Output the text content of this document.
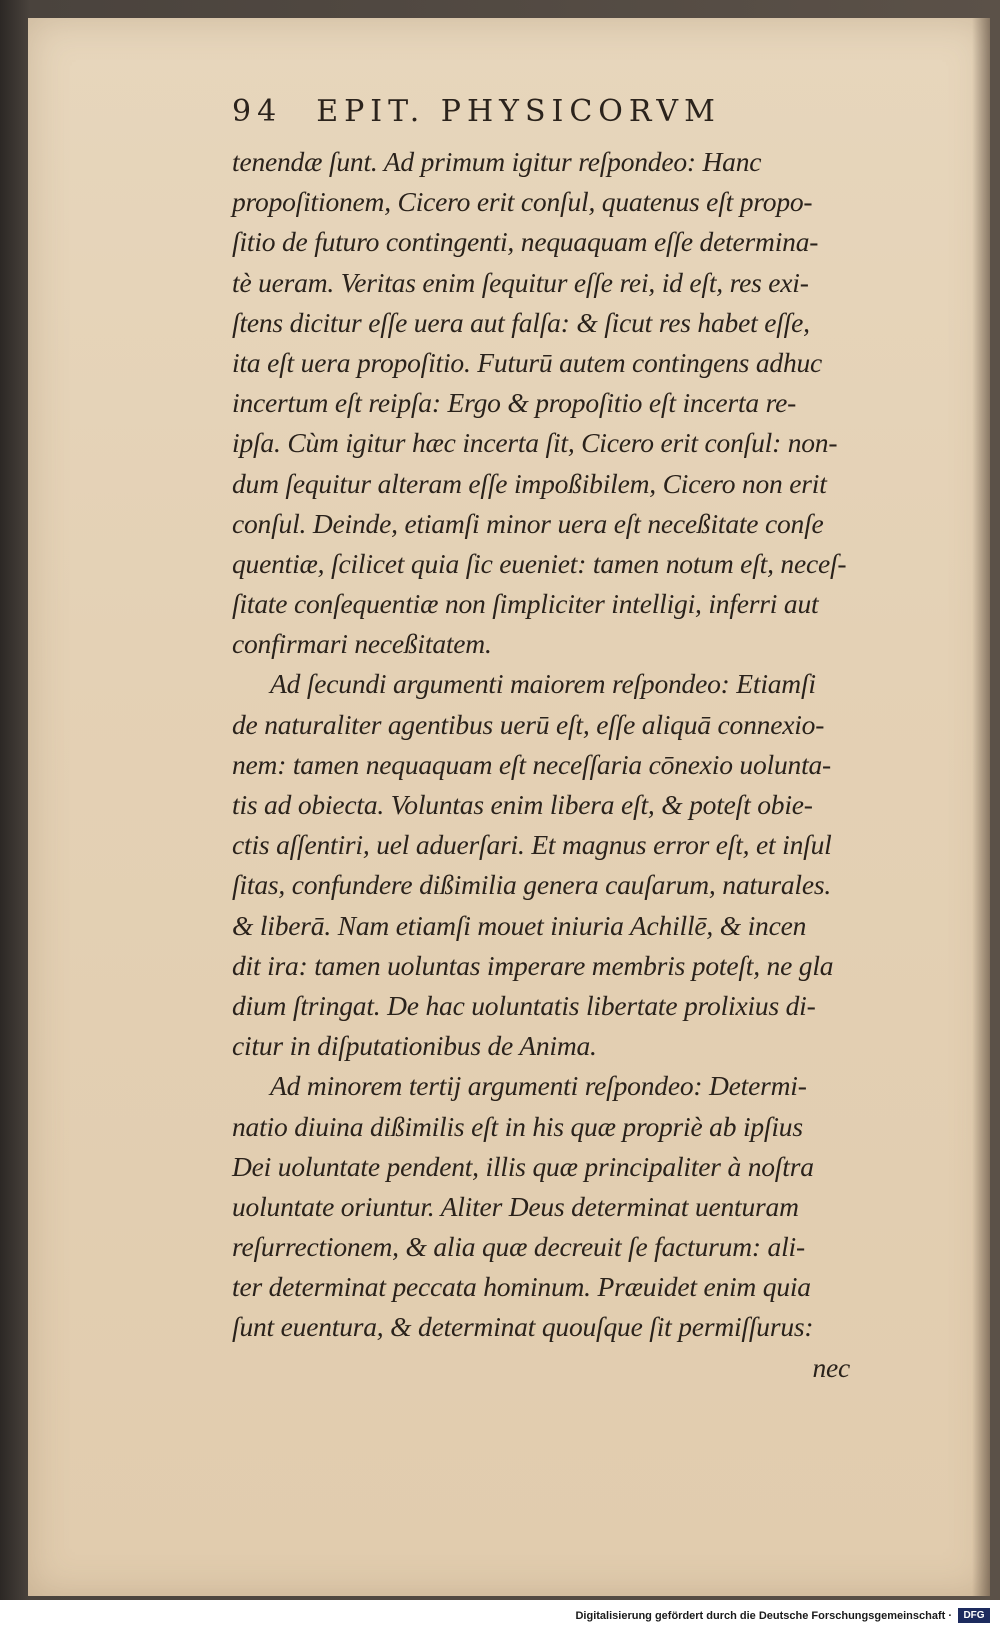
94 EPIT. PHYSICORVM
tenendæ ſunt. Ad primum igitur reſpondeo: Hanc
propoſitionem, Cicero erit conſul, quatenus eſt propo-
ſitio de futuro contingenti, nequaquam eſſe determina-
tè ueram. Veritas enim ſequitur eſſe rei, id eſt, res exi-
ſtens dicitur eſſe uera aut falſa: & ſicut res habet eſſe,
ita eſt uera propoſitio. Futurū autem contingens adhuc
incertum eſt reipſa: Ergo & propoſitio eſt incerta re-
ipſa. Cùm igitur hæc incerta ſit, Cicero erit conſul: non-
dum ſequitur alteram eſſe impoßibilem, Cicero non erit
conſul. Deinde, etiamſi minor uera eſt neceßitate conſe
quentiæ, ſcilicet quia ſic eueniet: tamen notum eſt, neceſ-
ſitate conſequentiæ non ſimpliciter intelligi, inferri aut
confirmari neceßitatem.
Ad ſecundi argumenti maiorem reſpondeo: Etiamſi
de naturaliter agentibus uerū eſt, eſſe aliquā connexio-
nem: tamen nequaquam eſt neceſſaria cōnexio uolunta-
tis ad obiecta. Voluntas enim libera eſt, & poteſt obie-
ctis aſſentiri, uel aduerſari. Et magnus error eſt, et inſul
ſitas, confundere dißimilia genera cauſarum, naturales.
& liberā. Nam etiamſi mouet iniuria Achillē, & incen
dit ira: tamen uoluntas imperare membris poteſt, ne gla
dium ſtringat. De hac uoluntatis libertate prolixius di-
citur in diſputationibus de Anima.
Ad minorem tertij argumenti reſpondeo: Determi-
natio diuina dißimilis eſt in his quæ propriè ab ipſius
Dei uoluntate pendent, illis quæ principaliter à noſtra
uoluntate oriuntur. Aliter Deus determinat uenturam
reſurrectionem, & alia quæ decreuit ſe facturum: ali-
ter determinat peccata hominum. Præuidet enim quia
ſunt euentura, & determinat quouſque ſit permiſſurus:
nec
Digitalisierung gefördert durch die Deutsche Forschungsgemeinschaft ·	DFG
